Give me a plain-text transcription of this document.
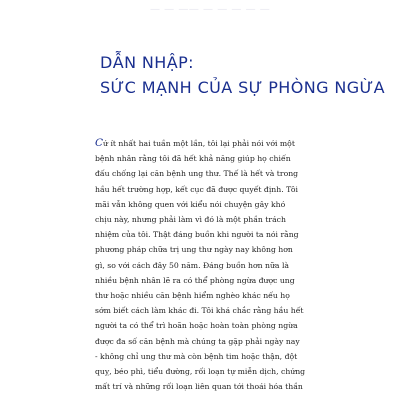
— — —— — — — — —
DẪN NHẬP:
SỨC MẠNH CỦA SỰ PHÒNG NGỪA
Cứ ít nhất hai tuần một lần, tôi lại phải nói với một
bệnh nhân rằng tôi đã hết khả năng giúp họ chiến
đấu chống lại căn bệnh ung thư. Thế là hết và trong
hầu hết trường hợp, kết cục đã được quyết định. Tôi
mãi vẫn không quen với kiểu nói chuyện gây khó
chịu này, nhưng phải làm vì đó là một phần trách
nhiệm của tôi. Thật đáng buồn khi người ta nói rằng
phương pháp chữa trị ung thư ngày nay không hơn
gì, so với cách đây 50 năm. Đáng buồn hơn nữa là
nhiều bệnh nhân lẽ ra có thể phòng ngừa được ung
thư hoặc nhiều căn bệnh hiểm nghèo khác nếu họ
sớm biết cách làm khác đi. Tôi khá chắc rằng hầu hết
người ta có thể trì hoãn hoặc hoàn toàn phòng ngừa
được đa số căn bệnh mà chúng ta gặp phải ngày nay
- không chỉ ung thư mà còn bệnh tim hoặc thận, đột
quỵ, béo phì, tiểu đường, rối loạn tự miễn dịch, chứng
mất trí và những rối loạn liên quan tới thoái hóa thần
